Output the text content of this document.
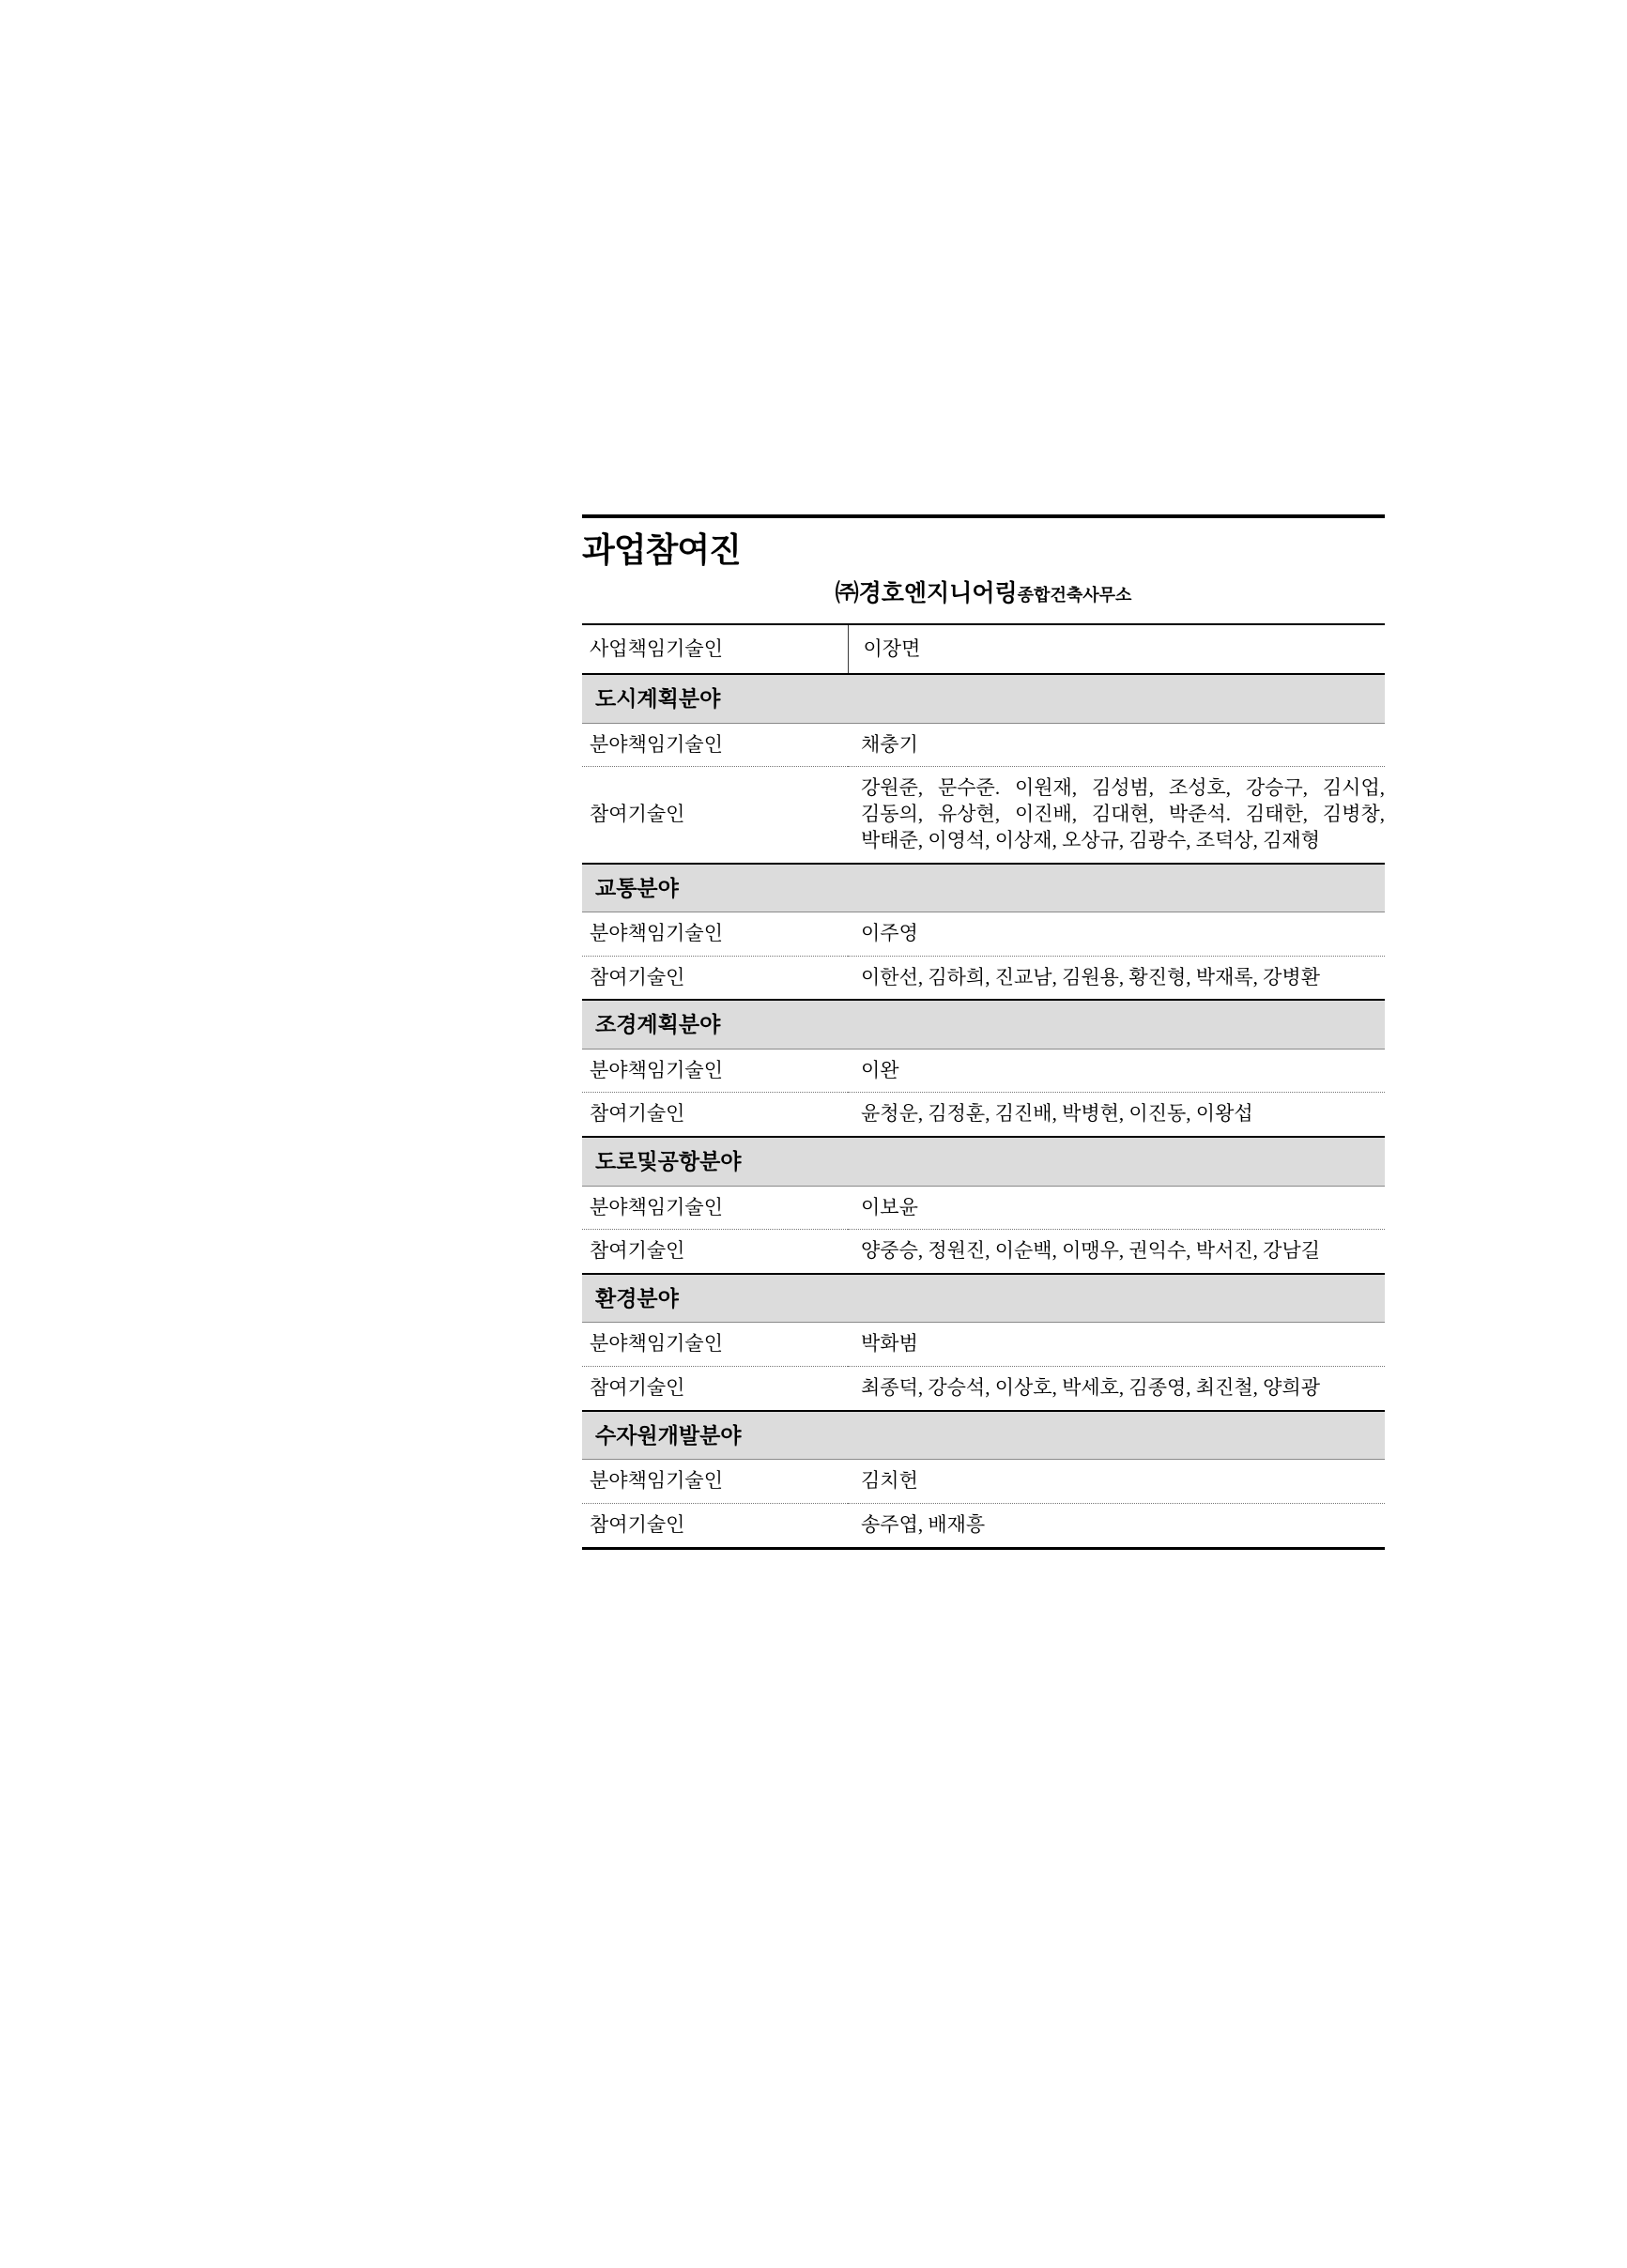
과업참여진
㈜경호엔지니어링종합건축사무소
사업책임기술인	이장면
도시계획분야	
분야책임기술인	채충기
참여기술인	강원준, 문수준. 이원재, 김성범, 조성호, 강승구, 김시업, 김동의, 유상현, 이진배, 김대현, 박준석. 김태한, 김병창, 박태준, 이영석, 이상재, 오상규, 김광수, 조덕상, 김재형
교통분야	
분야책임기술인	이주영
참여기술인	이한선, 김하희, 진교남, 김원용, 황진형, 박재록, 강병환
조경계획분야	
분야책임기술인	이완
참여기술인	윤청운, 김정훈, 김진배, 박병현, 이진동, 이왕섭
도로및공항분야	
분야책임기술인	이보윤
참여기술인	양중승, 정원진, 이순백, 이맹우, 권익수, 박서진, 강남길
환경분야	
분야책임기술인	박화범
참여기술인	최종덕, 강승석, 이상호, 박세호, 김종영, 최진철, 양희광
수자원개발분야	
분야책임기술인	김치헌
참여기술인	송주엽, 배재흥
